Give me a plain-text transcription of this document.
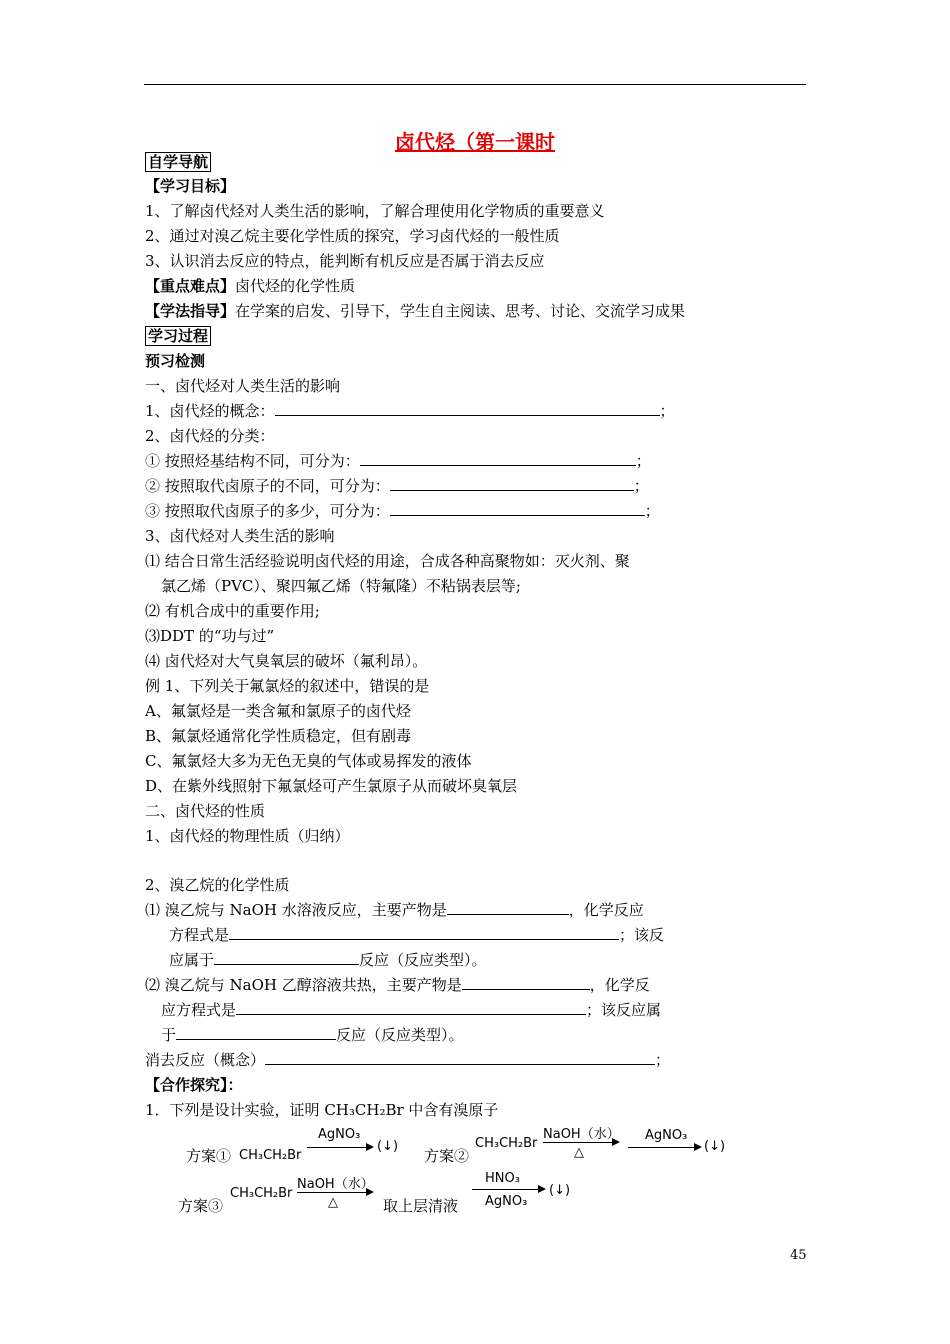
卤代烃（第一课时
自学导航
【学习目标】
1、了解卤代烃对人类生活的影响，了解合理使用化学物质的重要意义
2、通过对溴乙烷主要化学性质的探究，学习卤代烃的一般性质
3、认识消去反应的特点，能判断有机反应是否属于消去反应
【重点难点】卤代烃的化学性质
【学法指导】在学案的启发、引导下，学生自主阅读、思考、讨论、交流学习成果
学习过程
预习检测
一、卤代烃对人类生活的影响
1、卤代烃的概念：	；
2、卤代烃的分类：
① 按照烃基结构不同，可分为：	；
② 按照取代卤原子的不同，可分为：	；
③ 按照取代卤原子的多少，可分为：	；
3、卤代烃对人类生活的影响
⑴ 结合日常生活经验说明卤代烃的用途，合成各种高聚物如：灭火剂、聚
氯乙烯（PVC）、聚四氟乙烯（特氟隆）不粘锅表层等;
⑵ 有机合成中的重要作用;
⑶DDT 的“功与过”
⑷ 卤代烃对大气臭氧层的破坏（氟利昂）。
例 1、下列关于氟氯烃的叙述中，错误的是
A、氟氯烃是一类含氟和氯原子的卤代烃
B、氟氯烃通常化学性质稳定，但有剧毒
C、氟氯烃大多为无色无臭的气体或易挥发的液体
D、在紫外线照射下氟氯烃可产生氯原子从而破坏臭氧层
二、卤代烃的性质
1、卤代烃的物理性质（归纳）
2、溴乙烷的化学性质
⑴ 溴乙烷与 NaOH 水溶液反应，主要产物是	，化学反应
方程式是	；该反
应属于	反应（反应类型）。
⑵ 溴乙烷与 NaOH 乙醇溶液共热，主要产物是	，化学反
应方程式是	；该反应属
于	反应（反应类型）。
消去反应（概念）	；
【合作探究】：
1．下列是设计实验，证明 CH₃CH₂Br 中含有溴原子
方案① CH₃CH₂Br
AgNO₃
(↓)
方案②
CH₃CH₂Br
NaOH（水）
△
AgNO₃
(↓)
方案③
CH₃CH₂Br
NaOH（水）
△	取上层清液
HNO₃
AgNO₃
(↓)
45
